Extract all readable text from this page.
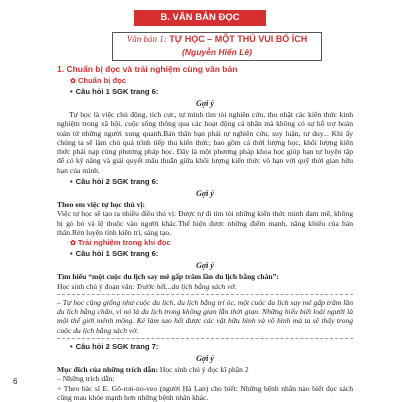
B. VĂN BẢN ĐỌC
Văn bản 1: TỰ HỌC – MỘT THÚ VUI BỔ ÍCH
(Nguyễn Hiến Lê)
1. Chuẩn bị đọc và trải nghiệm cùng văn bản
✿ Chuẩn bị đọc
• Câu hỏi 1 SGK trang 6:
Gợi ý

Tự học là việc chủ động, tích cực, tự mình tìm tòi nghiên cứu, thu nhặt các kiến thức kinh nghiệm trong xã hội, cuộc sống thông qua các hoạt động cá nhân mà không có sự hỗ trợ hoàn toàn từ những người xung quanh.Bản thân bạn phải tự nghiên cứu, suy luận, tư duy... Khi ấy chúng ta sẽ làm chủ quá trình tiếp thu kiến thức; bao gồm cả thời lượng học, khối lượng kiến thức phải nạp cùng phương pháp học. Đây là một phương pháp khoa học giúp bạn tự luyện tập để có kỹ năng và giải quyết mâu thuẫn giữa khối lượng kiến thức vô hạn với quỹ thời gian hữu hạn của mình.

• Câu hỏi 2 SGK trang 6:
Gợi ý

Theo em việc tự học thú vị:

Việc tự học sẽ tạo ra nhiều điều thú vị: Được tự đi tìm tòi những kiến thức mình đam mê, không bị gò bó và lệ thuộc vào người khác.Thể hiện được những điểm mạnh, năng khiếu của bản thân.Rèn luyện tính kiên trì, sáng tạo.

✿ Trải nghiệm trong khi đọc
• Câu hỏi 1 SGK trang 6:
Gợi ý

Tìm hiểu “một cuộc du lịch say mê gấp trăm lần du lịch bằng chân”:

Học sinh chú ý đoạn văn: Trước hết...du lịch bằng sách vở.

– Tự học cũng giống như cuộc du lịch, du lịch bằng trí óc, một cuộc du lịch say mê gấp trăm lần du lịch bằng chân, vì nó là du lịch trong không gian lẫn thời gian. Những hiểu biết loài người là một thế giới mênh mông. Kẻ làm sao hết được các vật hữu hình và vô hình mà ta sẽ thấy trong cuộc du lịch bằng sách vở.

• Câu hỏi 2 SGK trang 7:
Gợi ý

Mục đích của những trích dẫn: Học sinh chú ý đọc kĩ phần 2

– Những trích dẫn:

+ Theo bác sĩ E. Gô-ron-no-veo (người Hà Lan) cho biết: Những bệnh nhân nào biết đọc sách cũng mau khỏe mạnh hơn những bệnh nhân khác.

6
